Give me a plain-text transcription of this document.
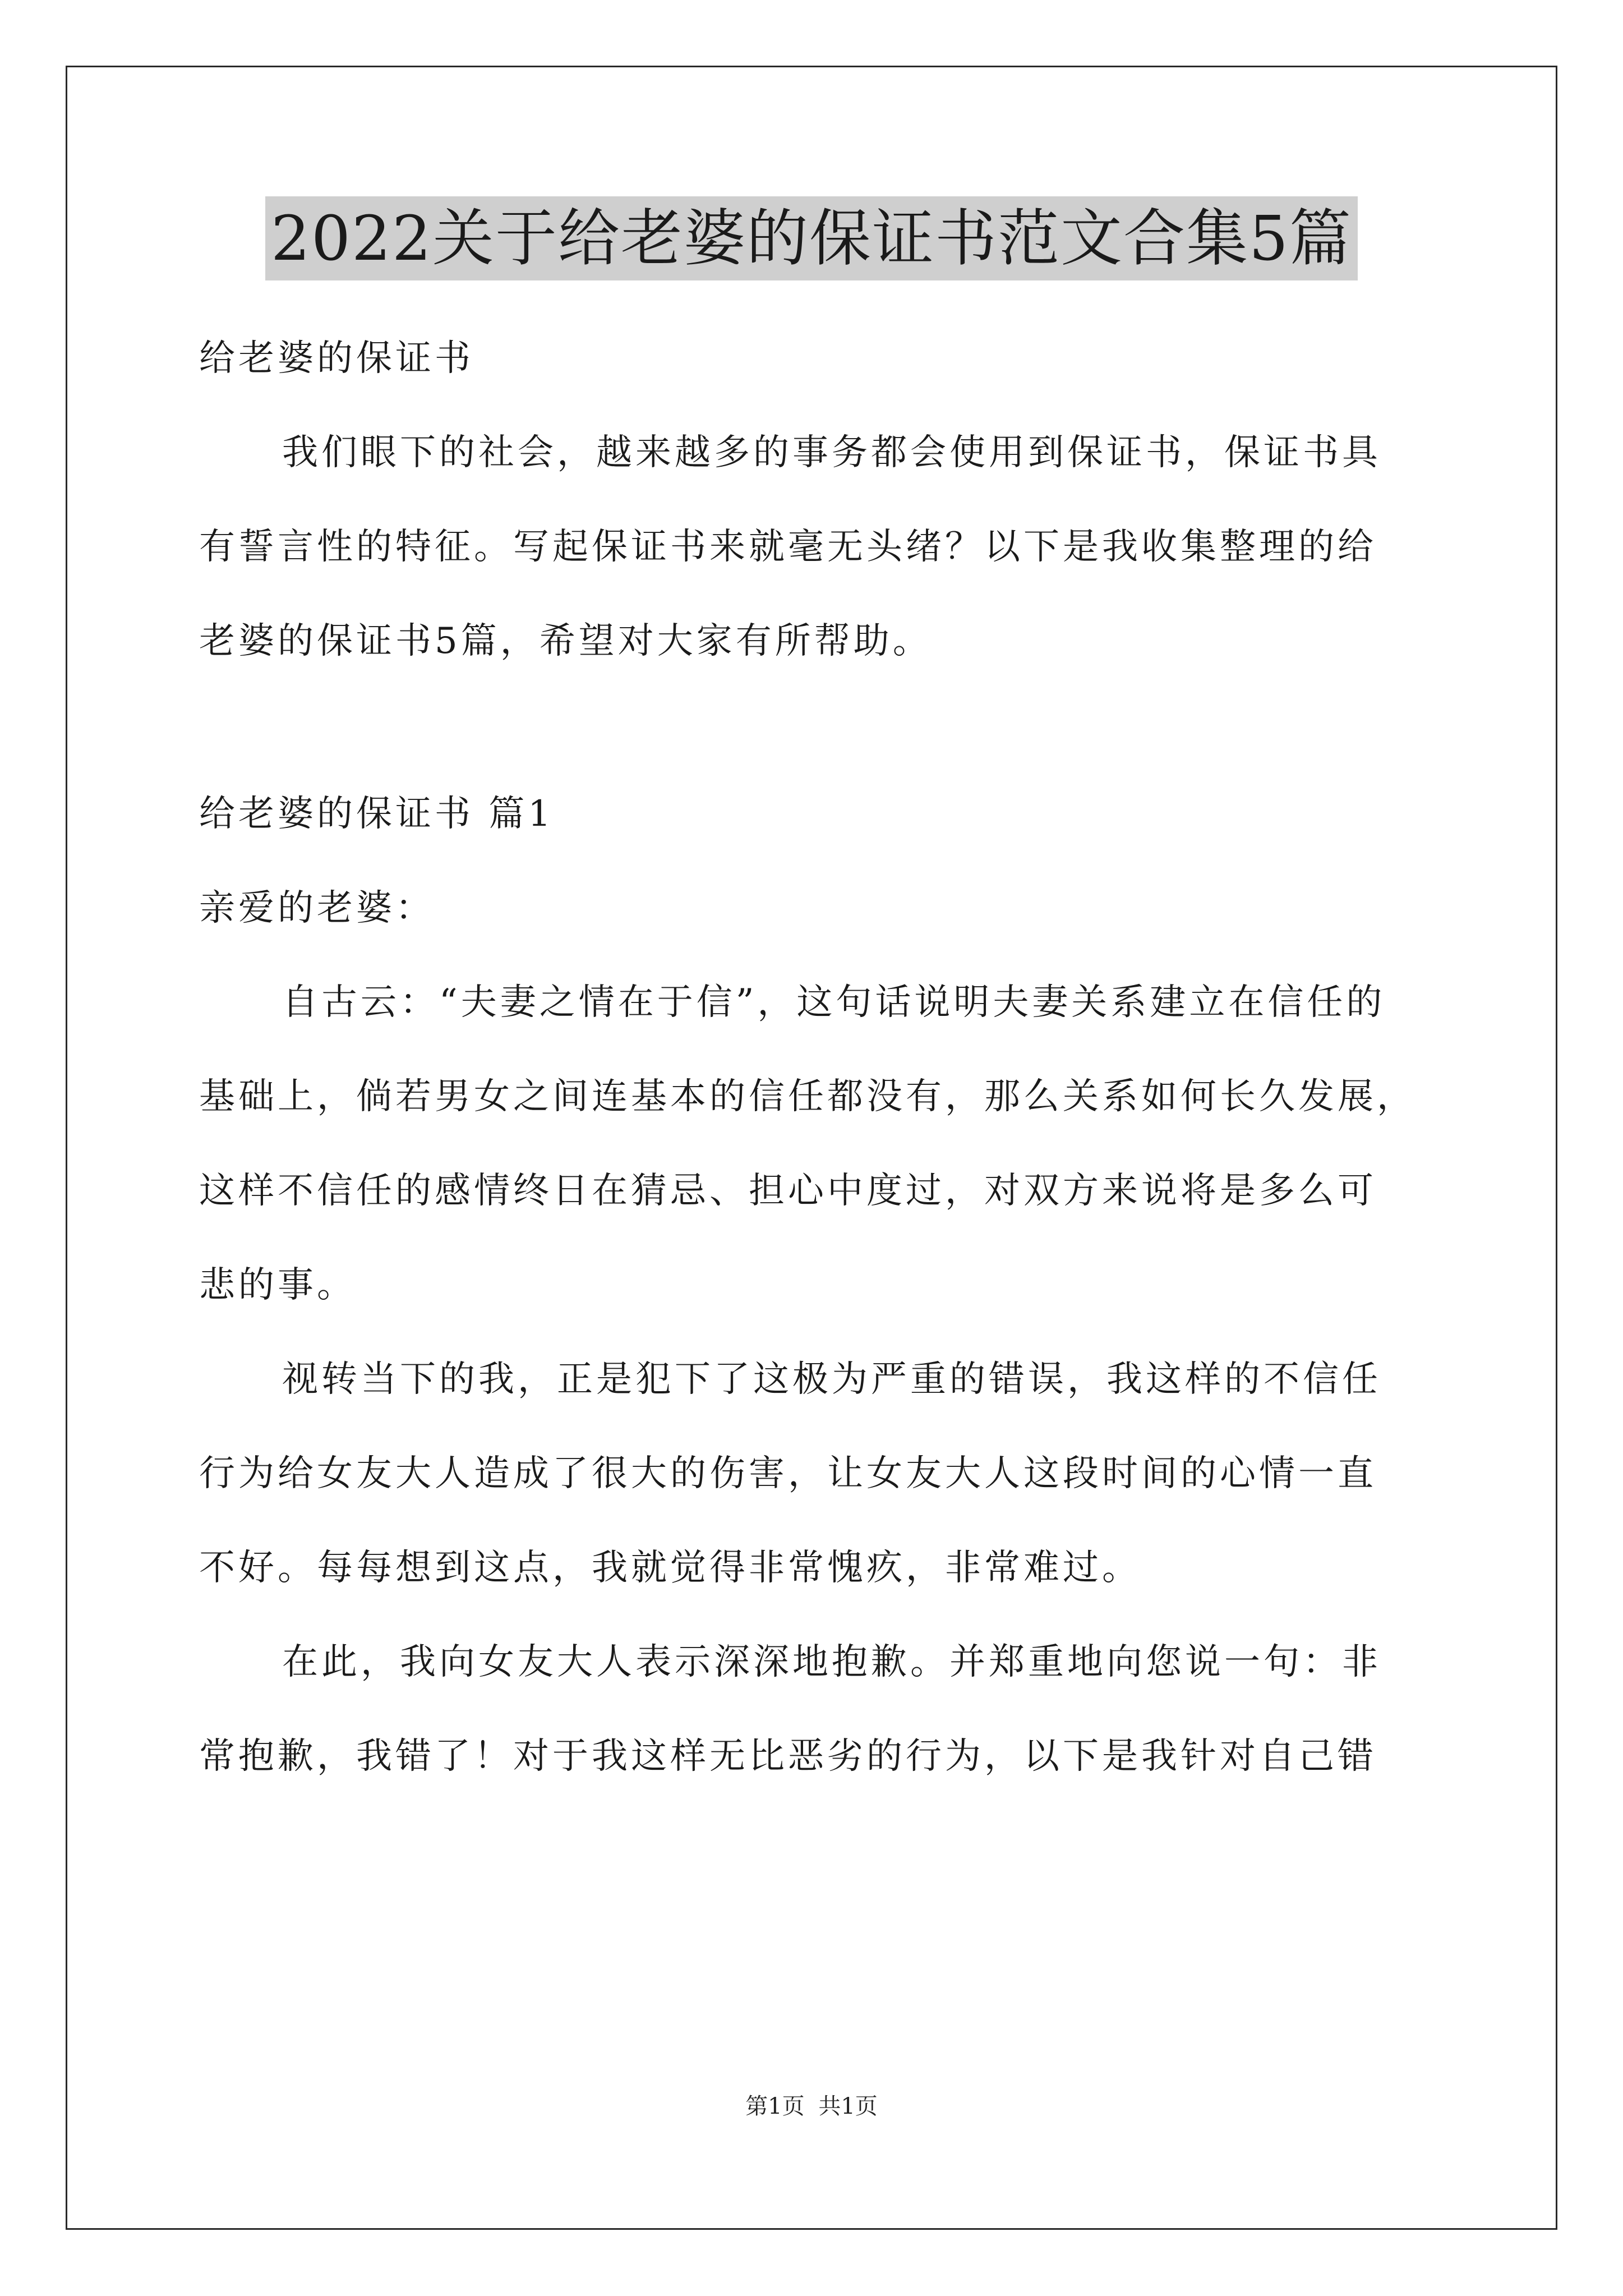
2022关于给老婆的保证书范文合集5篇
给老婆的保证书
我们眼下的社会，越来越多的事务都会使用到保证书，保证书具
有誓言性的特征。写起保证书来就毫无头绪？以下是我收集整理的给
老婆的保证书5篇，希望对大家有所帮助。
给老婆的保证书 篇1
亲爱的老婆：
自古云：“夫妻之情在于信”，这句话说明夫妻关系建立在信任的
基础上，倘若男女之间连基本的信任都没有，那么关系如何长久发展，
这样不信任的感情终日在猜忌、担心中度过，对双方来说将是多么可
悲的事。
视转当下的我，正是犯下了这极为严重的错误，我这样的不信任
行为给女友大人造成了很大的伤害，让女友大人这段时间的心情一直
不好。每每想到这点，我就觉得非常愧疚，非常难过。
在此，我向女友大人表示深深地抱歉。并郑重地向您说一句：非
常抱歉，我错了！对于我这样无比恶劣的行为，以下是我针对自己错
第1页 共1页
